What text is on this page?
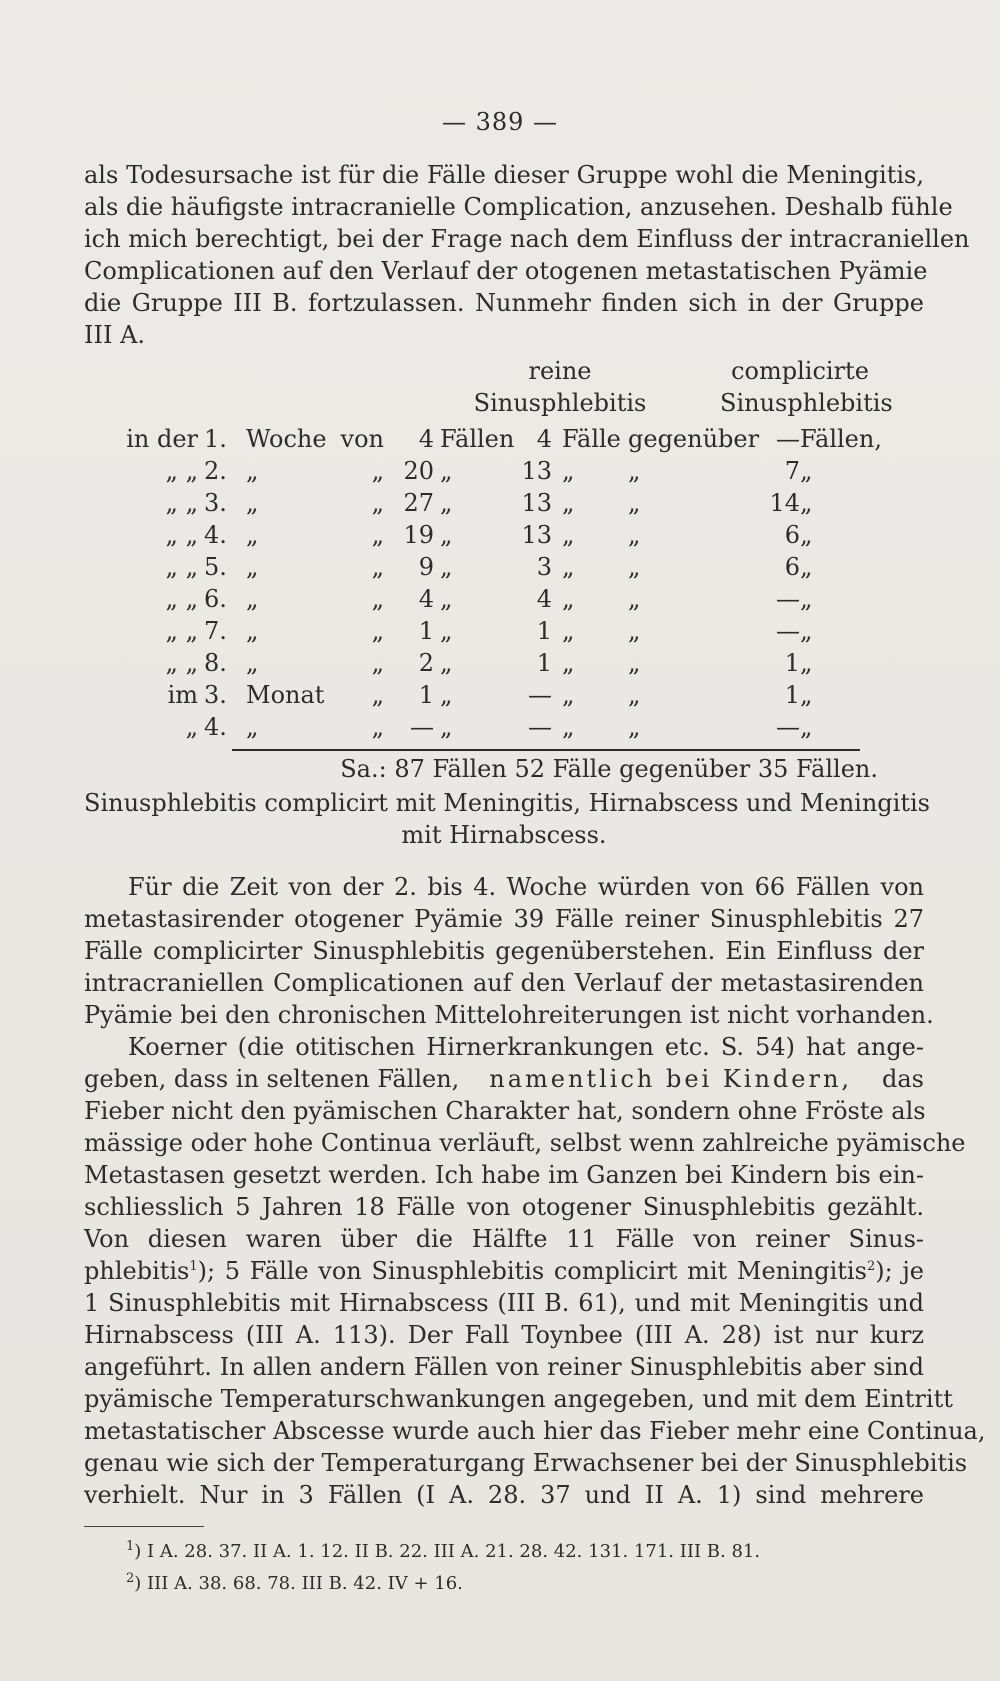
— 389 —
als Todesursache ist für die Fälle dieser Gruppe wohl die Meningitis,
als die häufigste intracranielle Complication, anzusehen. Deshalb fühle
ich mich berechtigt, bei der Frage nach dem Einfluss der intracraniellen
Complicationen auf den Verlauf der otogenen metastatischen Pyämie
die Gruppe III B. fortzulassen. Nunmehr finden sich in der Gruppe
III A.
reine
Sinusphlebitis
complicirte
Sinusphlebitis
in der 1. Woche von	4 Fällen 4 Fälle gegenüber — Fällen,
„ „ 2. „	„ 20 „	13 „	„	7 „
„ „ 3. „	„ 27 „	13 „	„	14 „
„ „ 4. „	„ 19 „	13 „	„	6 „
„ „ 5. „	„	9 „	3 „	„	6 „
„ „ 6. „	„	4 „	4 „	„	— „
„ „ 7. „	„	1 „	1 „	„	— „
„ „ 8. „	„	2 „	1 „	„	1 „
im 3. Monat	„	1 „	— „	„	1 „
„ 4. „	„	— „	— „	„	— „
Sa.: 87 Fällen 52 Fälle gegenüber 35 Fällen.
Sinusphlebitis complicirt mit Meningitis, Hirnabscess und Meningitis
mit Hirnabscess.
Für die Zeit von der 2. bis 4. Woche würden von 66 Fällen von
metastasirender otogener Pyämie 39 Fälle reiner Sinusphlebitis 27
Fälle complicirter Sinusphlebitis gegenüberstehen. Ein Einfluss der
intracraniellen Complicationen auf den Verlauf der metastasirenden
Pyämie bei den chronischen Mittelohreiterungen ist nicht vorhanden.
Koerner (die otitischen Hirnerkrankungen etc. S. 54) hat ange-
geben, dass in seltenen Fällen, namentlich bei Kindern, das
Fieber nicht den pyämischen Charakter hat, sondern ohne Fröste als
mässige oder hohe Continua verläuft, selbst wenn zahlreiche pyämische
Metastasen gesetzt werden. Ich habe im Ganzen bei Kindern bis ein-
schliesslich 5 Jahren 18 Fälle von otogener Sinusphlebitis gezählt.
Von diesen waren über die Hälfte 11 Fälle von reiner Sinus-
phlebitis$^1$); 5 Fälle von Sinusphlebitis complicirt mit Meningitis$^2$); je
1 Sinusphlebitis mit Hirnabscess (III B. 61), und mit Meningitis und
Hirnabscess (III A. 113). Der Fall Toynbee (III A. 28) ist nur kurz
angeführt. In allen andern Fällen von reiner Sinusphlebitis aber sind
pyämische Temperaturschwankungen angegeben, und mit dem Eintritt
metastatischer Abscesse wurde auch hier das Fieber mehr eine Continua,
genau wie sich der Temperaturgang Erwachsener bei der Sinusphlebitis
verhielt. Nur in 3 Fällen (I A. 28. 37 und II A. 1) sind mehrere
$^1$) I A. 28. 37. II A. 1. 12. II B. 22. III A. 21. 28. 42. 131. 171. III B. 81.
$^2$) III A. 38. 68. 78. III B. 42. IV + 16.
